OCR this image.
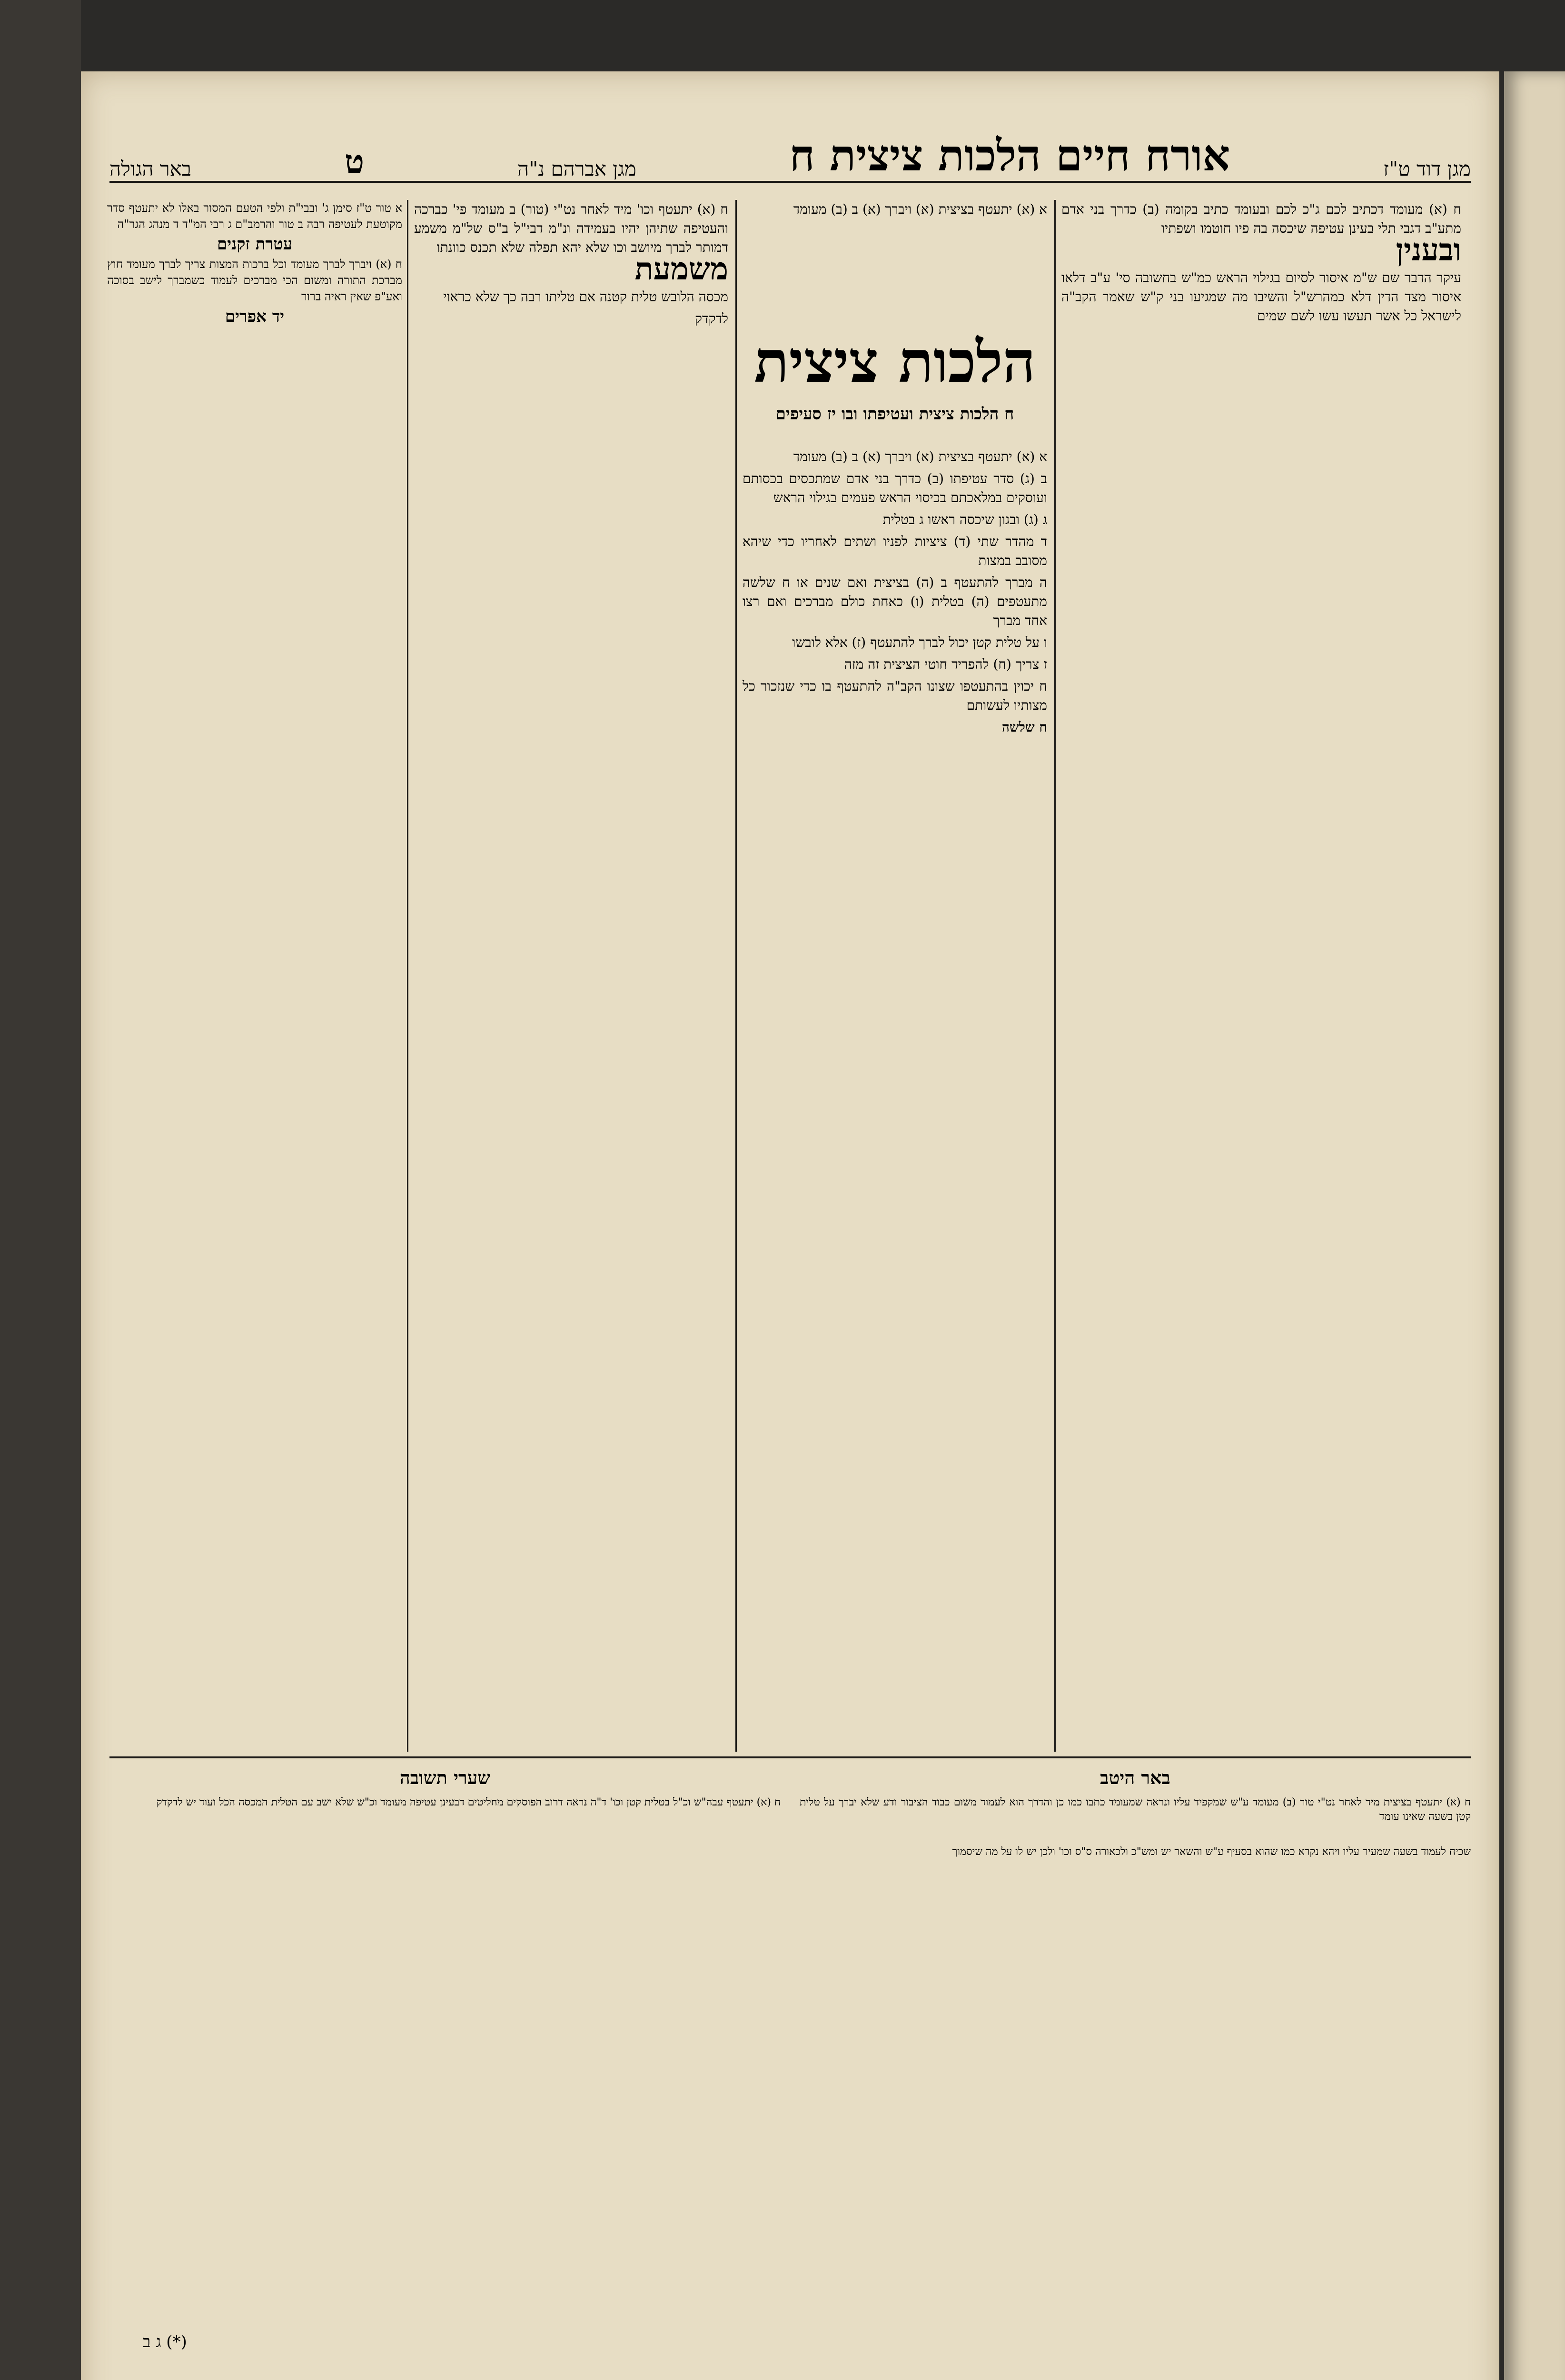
מגן דוד ט"ז
אורח חיים הלכות ציצית ח
מגן אברהם נ"ה
ט
באר הגולה

ח (א) מעומד דכתיב לכם ג"כ לכם ובעומד כתיב בקומה (ב) כדרך בני אדם מתע"ב דגבי תלי בעינן עטיפה שיכסה בה פיו חוטמו ושפתיו

ובענין

עיקר הדבר שם ש"מ איסור לסיום בגילוי הראש כמ"ש בחשובה סי' ע"ב דלאו איסור מצד הדין דלא כמהרש"ל והשיבו מה שמגיעו בני ק"ש שאמר הקב"ה לישראל כל אשר תעשו עשו לשם שמים

א (א) יתעטף בציצית (א) ויברך (א) ב (ב) מעומד

הלכות ציצית
ח הלכות ציצית ועטיפתו ובו יז סעיפים

א (א) יתעטף בציצית (א) ויברך (א) ב (ב) מעומד

ב (ג) סדר עטיפתו (ב) כדרך בני אדם שמתכסים בכסותם ועוסקים במלאכתם בכיסוי הראש פעמים בגילוי הראש

ג (ג) ובגון שיכסה ראשו ג בטלית

ד מהדר שתי (ד) ציציות לפניו ושתים לאחריו כדי שיהא מסובב במצות

ה מברך להתעטף ב (ה) בציצית ואם שנים או ח שלשה מתעטפים (ה) בטלית (ו) כאחת כולם מברכים ואם רצו אחד מברך

ו על טלית קטן יכול לברך להתעטף (ז) אלא לובשו

ז צריך (ח) להפריד חוטי הציצית זה מזה

ח יכוין בהתעטפו שצונו הקב"ה להתעטף בו כדי שנזכור כל מצותיו לעשותם

ח שלשה

ח (א) יתעטף וכו' מיד לאחר נט"י (טור) ב מעומד פי' כברכה והעטיפה שתיהן יהיו בעמידה ונ"מ דבי"ל ב"ס של"מ משמע דמותר לברך מיושב וכו שלא יהא תפלה שלא תכנס כוונתו

משמעת

מכסה הלובש טלית קטנה אם טליתו רבה כך שלא כראוי

לדקדק

א טור ט"ז סימן ג' ובבי"ת ולפי הטעם המסור באלו לא יתעטף סדר מקוטעת לעטיפה רבה ב טור והרמב"ם ג רבי המ"ד ד מנהג הגר"ה

עטרת זקנים

ח (א) ויברך לברך מעומד וכל ברכות המצות צריך לברך מעומד חוץ מברכת התורה ומשום הכי מברכים לעמוד כשמברך לישב בסוכה ואע"פ שאין ראיה ברור

יד אפרים
באר היטב

ח (א) יתעטף בציצית מיד לאחר נט"י טור (ב) מעומד ע"ש שמקפיד עליו ונראה שמעומד כתבו כמו כן והדרך הוא לעמוד משום כבוד הציבור ודע שלא יברך על טלית קטן בשעה שאינו עומד

שערי תשובה

ח (א) יתעטף עבה"ש וכ"ל בטלית קטן וכו' ד"ה נראה דרוב הפוסקים מחליטים דבעינן עטיפה מעומד וכ"ש שלא ישב עם הטלית המכסה הכל ועוד יש לדקדק

שכיח לעמוד בשעה שמעיר עליו ויהא נקרא כמו שהוא בסעיף ע"ש והשאר יש ומש"כ ולכאורה ס"ס וכו' ולכן יש לו על מה שיסמוך

(*) ג ב
